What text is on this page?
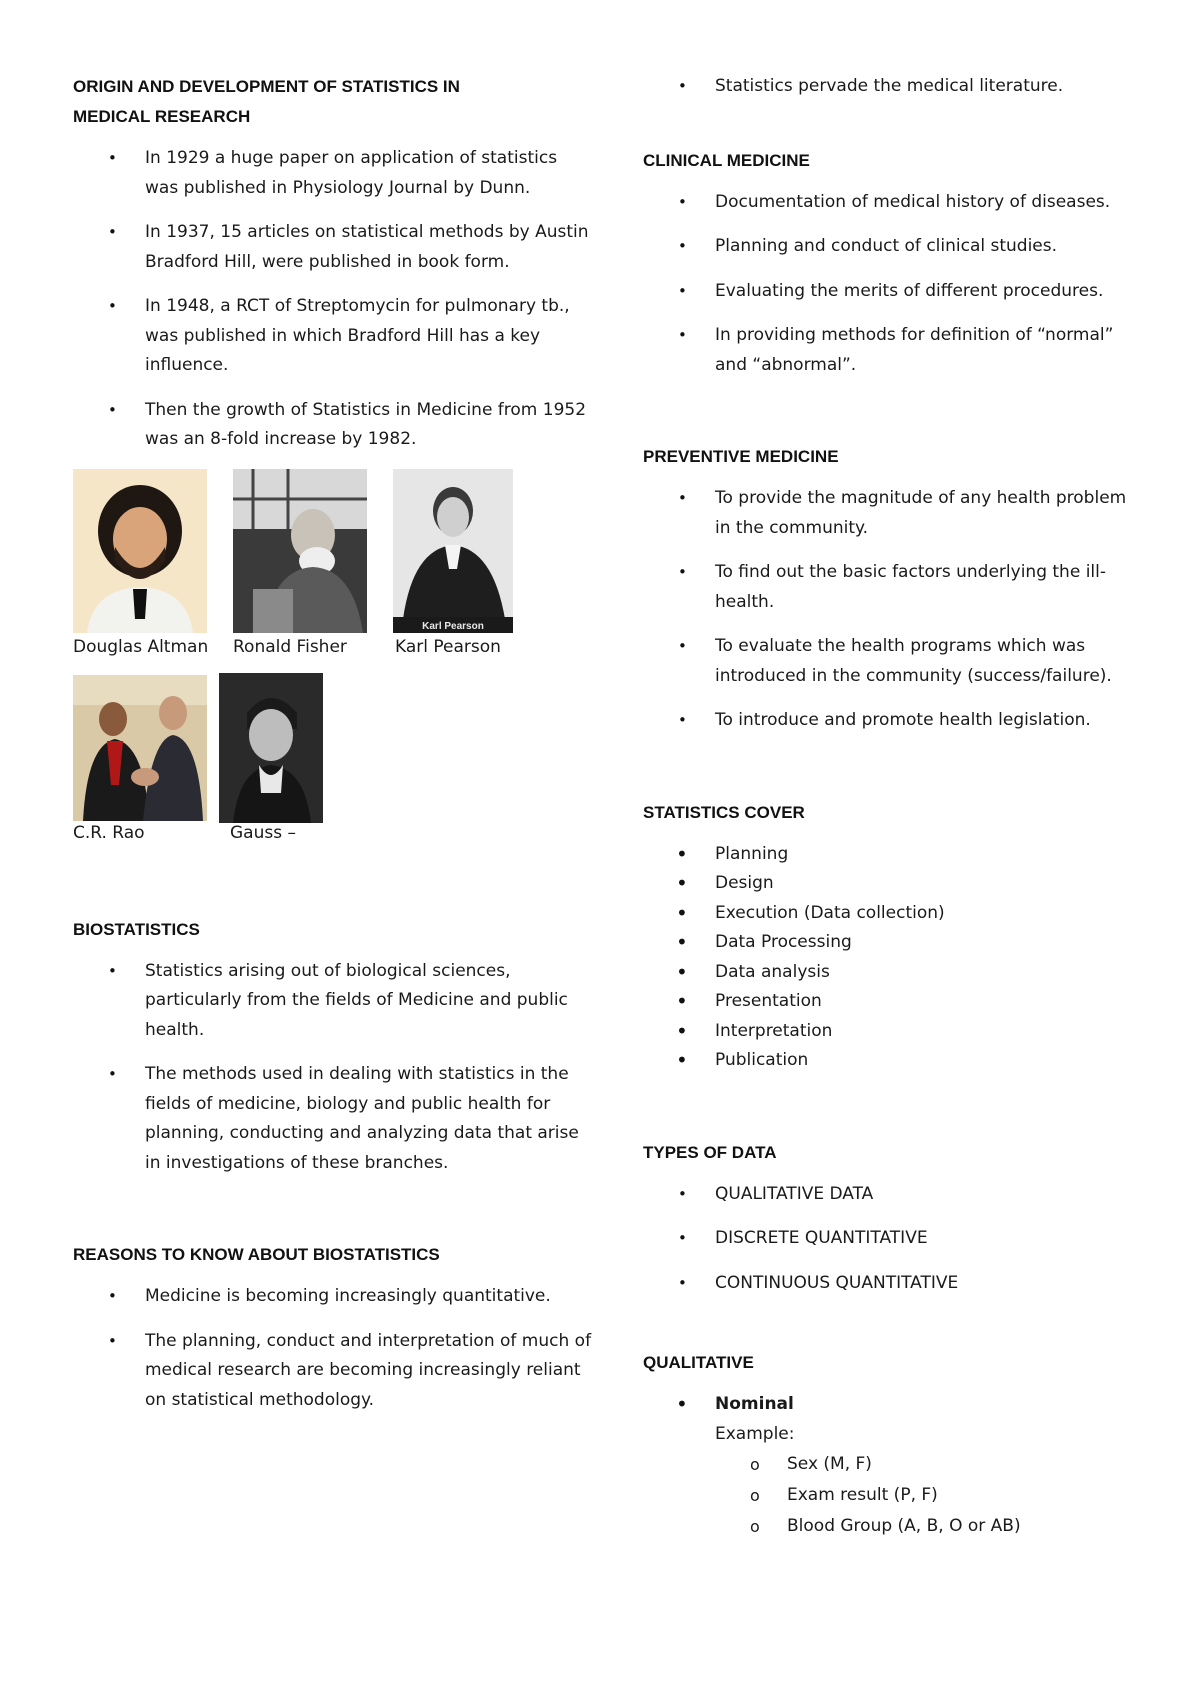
ORIGIN AND DEVELOPMENT OF STATISTICS IN

MEDICAL RESEARCH

• In 1929 a huge paper on application of statistics was published in Physiology Journal by Dunn.
• In 1937, 15 articles on statistical methods by Austin Bradford Hill, were published in book form.
• In 1948, a RCT of Streptomycin for pulmonary tb., was published in which Bradford Hill has a key influence.
• Then the growth of Statistics in Medicine from 1952 was an 8-fold increase by 1982.
Karl Pearson
Douglas Altman Ronald Fisher	Karl Pearson
C.R. Rao	Gauss –

BIOSTATISTICS

• Statistics arising out of biological sciences, particularly from the fields of Medicine and public health.
• The methods used in dealing with statistics in the fields of medicine, biology and public health for planning, conducting and analyzing data that arise in investigations of these branches.

REASONS TO KNOW ABOUT BIOSTATISTICS

• Medicine is becoming increasingly quantitative.
• The planning, conduct and interpretation of much of medical research are becoming increasingly reliant on statistical methodology.
• Statistics pervade the medical literature.

CLINICAL MEDICINE

• Documentation of medical history of diseases.
• Planning and conduct of clinical studies.
• Evaluating the merits of different procedures.
• In providing methods for definition of “normal” and “abnormal”.

PREVENTIVE MEDICINE

• To provide the magnitude of any health problem in the community.
• To find out the basic factors underlying the ill-health.
• To evaluate the health programs which was introduced in the community (success/failure).
• To introduce and promote health legislation.

STATISTICS COVER

• Planning
• Design
• Execution (Data collection)
• Data Processing
• Data analysis
• Presentation
• Interpretation
• Publication

TYPES OF DATA

• QUALITATIVE DATA
• DISCRETE QUANTITATIVE
• CONTINUOUS QUANTITATIVE

QUALITATIVE

• Nominal
Example:
o Sex (M, F)
o Exam result (P, F)
o Blood Group (A, B, O or AB)
